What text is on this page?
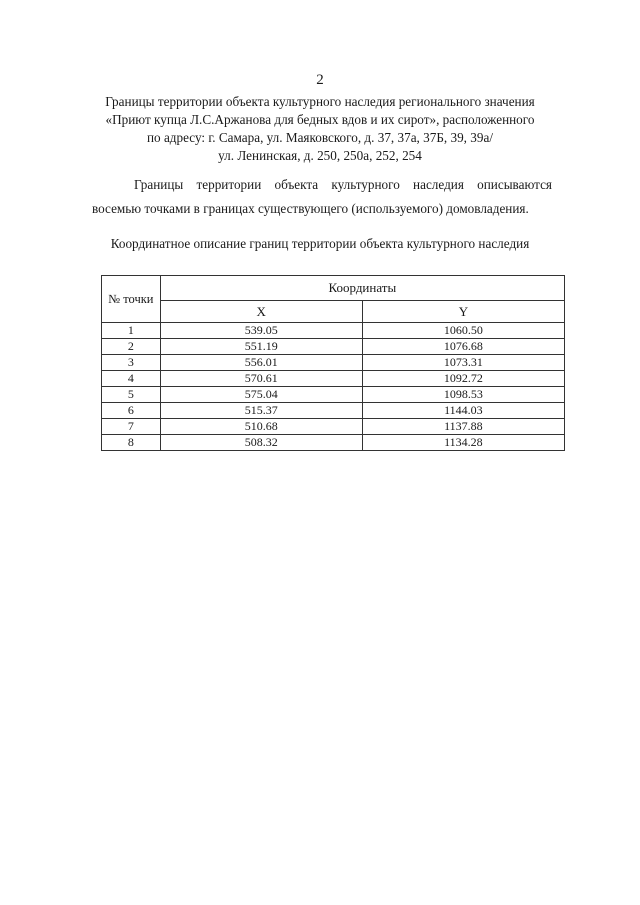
2
Границы территории объекта культурного наследия регионального значения
«Приют купца Л.С.Аржанова для бедных вдов и их сирот», расположенного
по адресу: г. Самара, ул. Маяковского, д. 37, 37а, 37Б, 39, 39а/
ул. Ленинская, д. 250, 250а, 252, 254
Границы территории объекта культурного наследия описываются
восемью точками в границах существующего (используемого) домовладения.
Координатное описание границ территории объекта культурного наследия
№ точки	Координаты	
	X	Y
1	539.05	1060.50
2	551.19	1076.68
3	556.01	1073.31
4	570.61	1092.72
5	575.04	1098.53
6	515.37	1144.03
7	510.68	1137.88
8	508.32	1134.28
